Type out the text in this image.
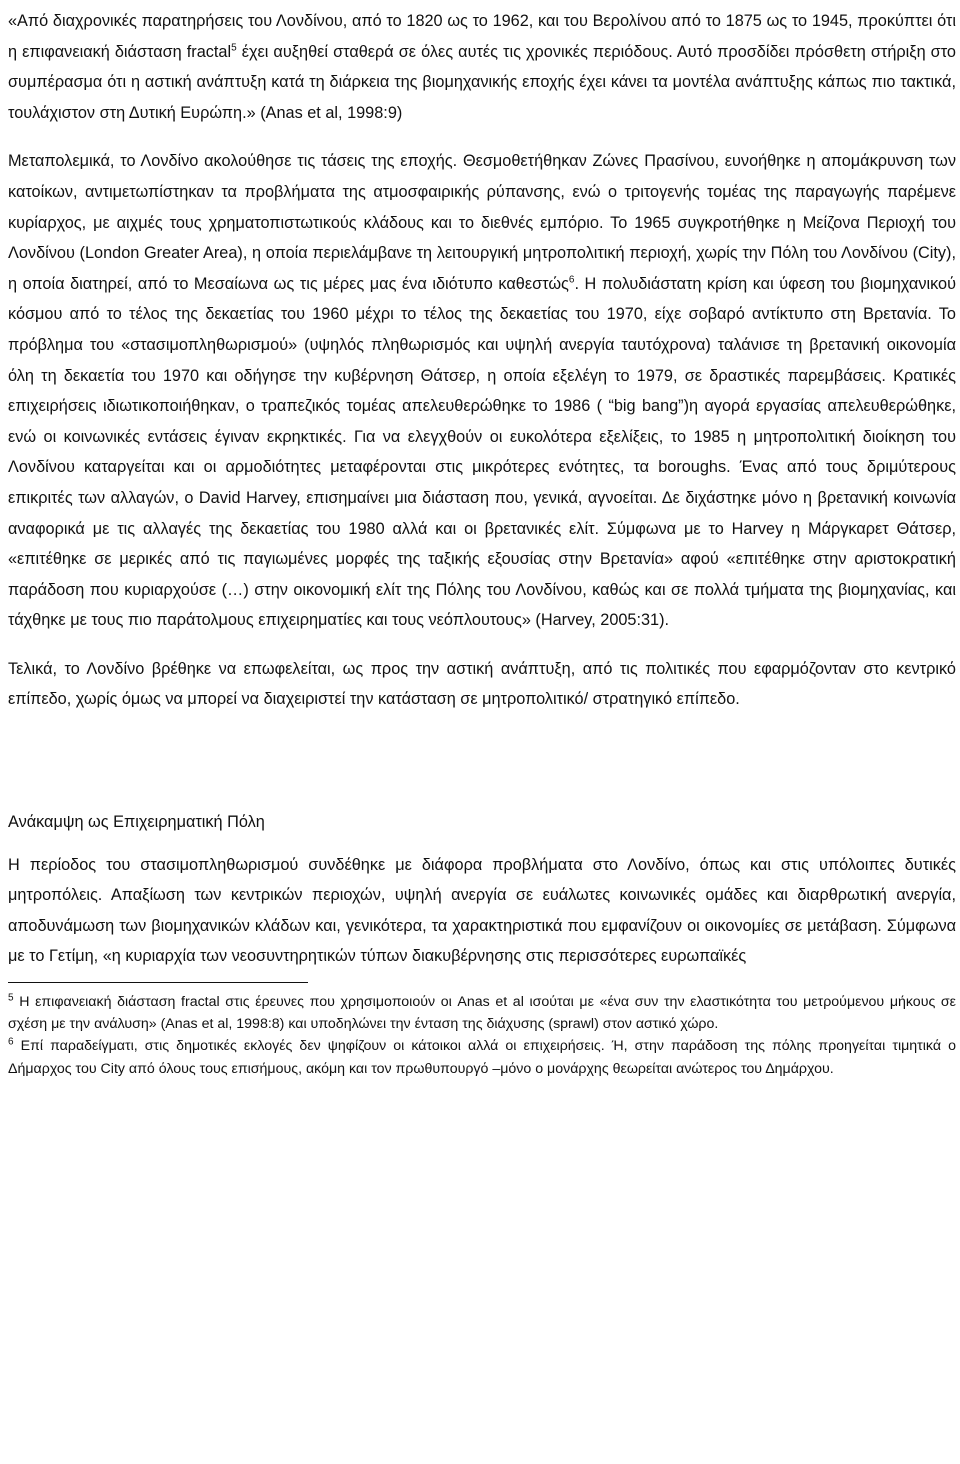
«Από διαχρονικές παρατηρήσεις του Λονδίνου, από το 1820 ως το 1962, και του Βερολίνου από το 1875 ως το 1945, προκύπτει ότι η επιφανειακή διάσταση fractal$^5$ έχει αυξηθεί σταθερά σε όλες αυτές τις χρονικές περιόδους. Αυτό προσδίδει πρόσθετη στήριξη στο συμπέρασμα ότι η αστική ανάπτυξη κατά τη διάρκεια της βιομηχανικής εποχής έχει κάνει τα μοντέλα ανάπτυξης κάπως πιο τακτικά, τουλάχιστον στη Δυτική Ευρώπη.» (Anas et al, 1998:9)

Μεταπολεμικά, το Λονδίνο ακολούθησε τις τάσεις της εποχής. Θεσμοθετήθηκαν Ζώνες Πρασίνου, ευνοήθηκε η απομάκρυνση των κατοίκων, αντιμετωπίστηκαν τα προβλήματα της ατμοσφαιρικής ρύπανσης, ενώ ο τριτογενής τομέας της παραγωγής παρέμενε κυρίαρχος, με αιχμές τους χρηματοπιστωτικούς κλάδους και το διεθνές εμπόριο. Το 1965 συγκροτήθηκε η Μείζονα Περιοχή του Λονδίνου (London Greater Area), η οποία περιελάμβανε τη λειτουργική μητροπολιτική περιοχή, χωρίς την Πόλη του Λονδίνου (City), η οποία διατηρεί, από το Μεσαίωνα ως τις μέρες μας ένα ιδιότυπο καθεστώς$^6$. Η πολυδιάστατη κρίση και ύφεση του βιομηχανικού κόσμου από το τέλος της δεκαετίας του 1960 μέχρι το τέλος της δεκαετίας του 1970, είχε σοβαρό αντίκτυπο στη Βρετανία. Το πρόβλημα του «στασιμοπληθωρισμού» (υψηλός πληθωρισμός και υψηλή ανεργία ταυτόχρονα) ταλάνισε τη βρετανική οικονομία όλη τη δεκαετία του 1970 και οδήγησε την κυβέρνηση Θάτσερ, η οποία εξελέγη το 1979, σε δραστικές παρεμβάσεις. Κρατικές επιχειρήσεις ιδιωτικοποιήθηκαν, ο τραπεζικός τομέας απελευθερώθηκε το 1986 ( “big bang”)η αγορά εργασίας απελευθερώθηκε, ενώ οι κοινωνικές εντάσεις έγιναν εκρηκτικές. Για να ελεγχθούν οι ευκολότερα εξελίξεις, το 1985 η μητροπολιτική διοίκηση του Λονδίνου καταργείται και οι αρμοδιότητες μεταφέρονται στις μικρότερες ενότητες, τα boroughs. Ένας από τους δριμύτερους επικριτές των αλλαγών, ο David Harvey, επισημαίνει μια διάσταση που, γενικά, αγνοείται. Δε διχάστηκε μόνο η βρετανική κοινωνία αναφορικά με τις αλλαγές της δεκαετίας του 1980 αλλά και οι βρετανικές ελίτ. Σύμφωνα με το Harvey η Μάργκαρετ Θάτσερ, «επιτέθηκε σε μερικές από τις παγιωμένες μορφές της ταξικής εξουσίας στην Βρετανία» αφού «επιτέθηκε στην αριστοκρατική παράδοση που κυριαρχούσε (…) στην οικονομική ελίτ της Πόλης του Λονδίνου, καθώς και σε πολλά τμήματα της βιομηχανίας, και τάχθηκε με τους πιο παράτολμους επιχειρηματίες και τους νεόπλουτους» (Harvey, 2005:31).

Τελικά, το Λονδίνο βρέθηκε να επωφελείται, ως προς την αστική ανάπτυξη, από τις πολιτικές που εφαρμόζονταν στο κεντρικό επίπεδο, χωρίς όμως να μπορεί να διαχειριστεί την κατάσταση σε μητροπολιτικό/ στρατηγικό επίπεδο.

Ανάκαμψη ως Επιχειρηματική Πόλη

Η περίοδος του στασιμοπληθωρισμού συνδέθηκε με διάφορα προβλήματα στο Λονδίνο, όπως και στις υπόλοιπες δυτικές μητροπόλεις. Απαξίωση των κεντρικών περιοχών, υψηλή ανεργία σε ευάλωτες κοινωνικές ομάδες και διαρθρωτική ανεργία, αποδυνάμωση των βιομηχανικών κλάδων και, γενικότερα, τα χαρακτηριστικά που εμφανίζουν οι οικονομίες σε μετάβαση. Σύμφωνα με το Γετίμη, «η κυριαρχία των νεοσυντηρητικών τύπων διακυβέρνησης στις περισσότερες ευρωπαϊκές

$^5$ Η επιφανειακή διάσταση fractal στις έρευνες που χρησιμοποιούν οι Anas et al ισούται με «ένα συν την ελαστικότητα του μετρούμενου μήκους σε σχέση με την ανάλυση» (Anas et al, 1998:8) και υποδηλώνει την ένταση της διάχυσης (sprawl) στον αστικό χώρο.

$^6$ Επί παραδείγματι, στις δημοτικές εκλογές δεν ψηφίζουν οι κάτοικοι αλλά οι επιχειρήσεις. Ή, στην παράδοση της πόλης προηγείται τιμητικά ο Δήμαρχος του City από όλους τους επισήμους, ακόμη και τον πρωθυπουργό –μόνο ο μονάρχης θεωρείται ανώτερος του Δημάρχου.
